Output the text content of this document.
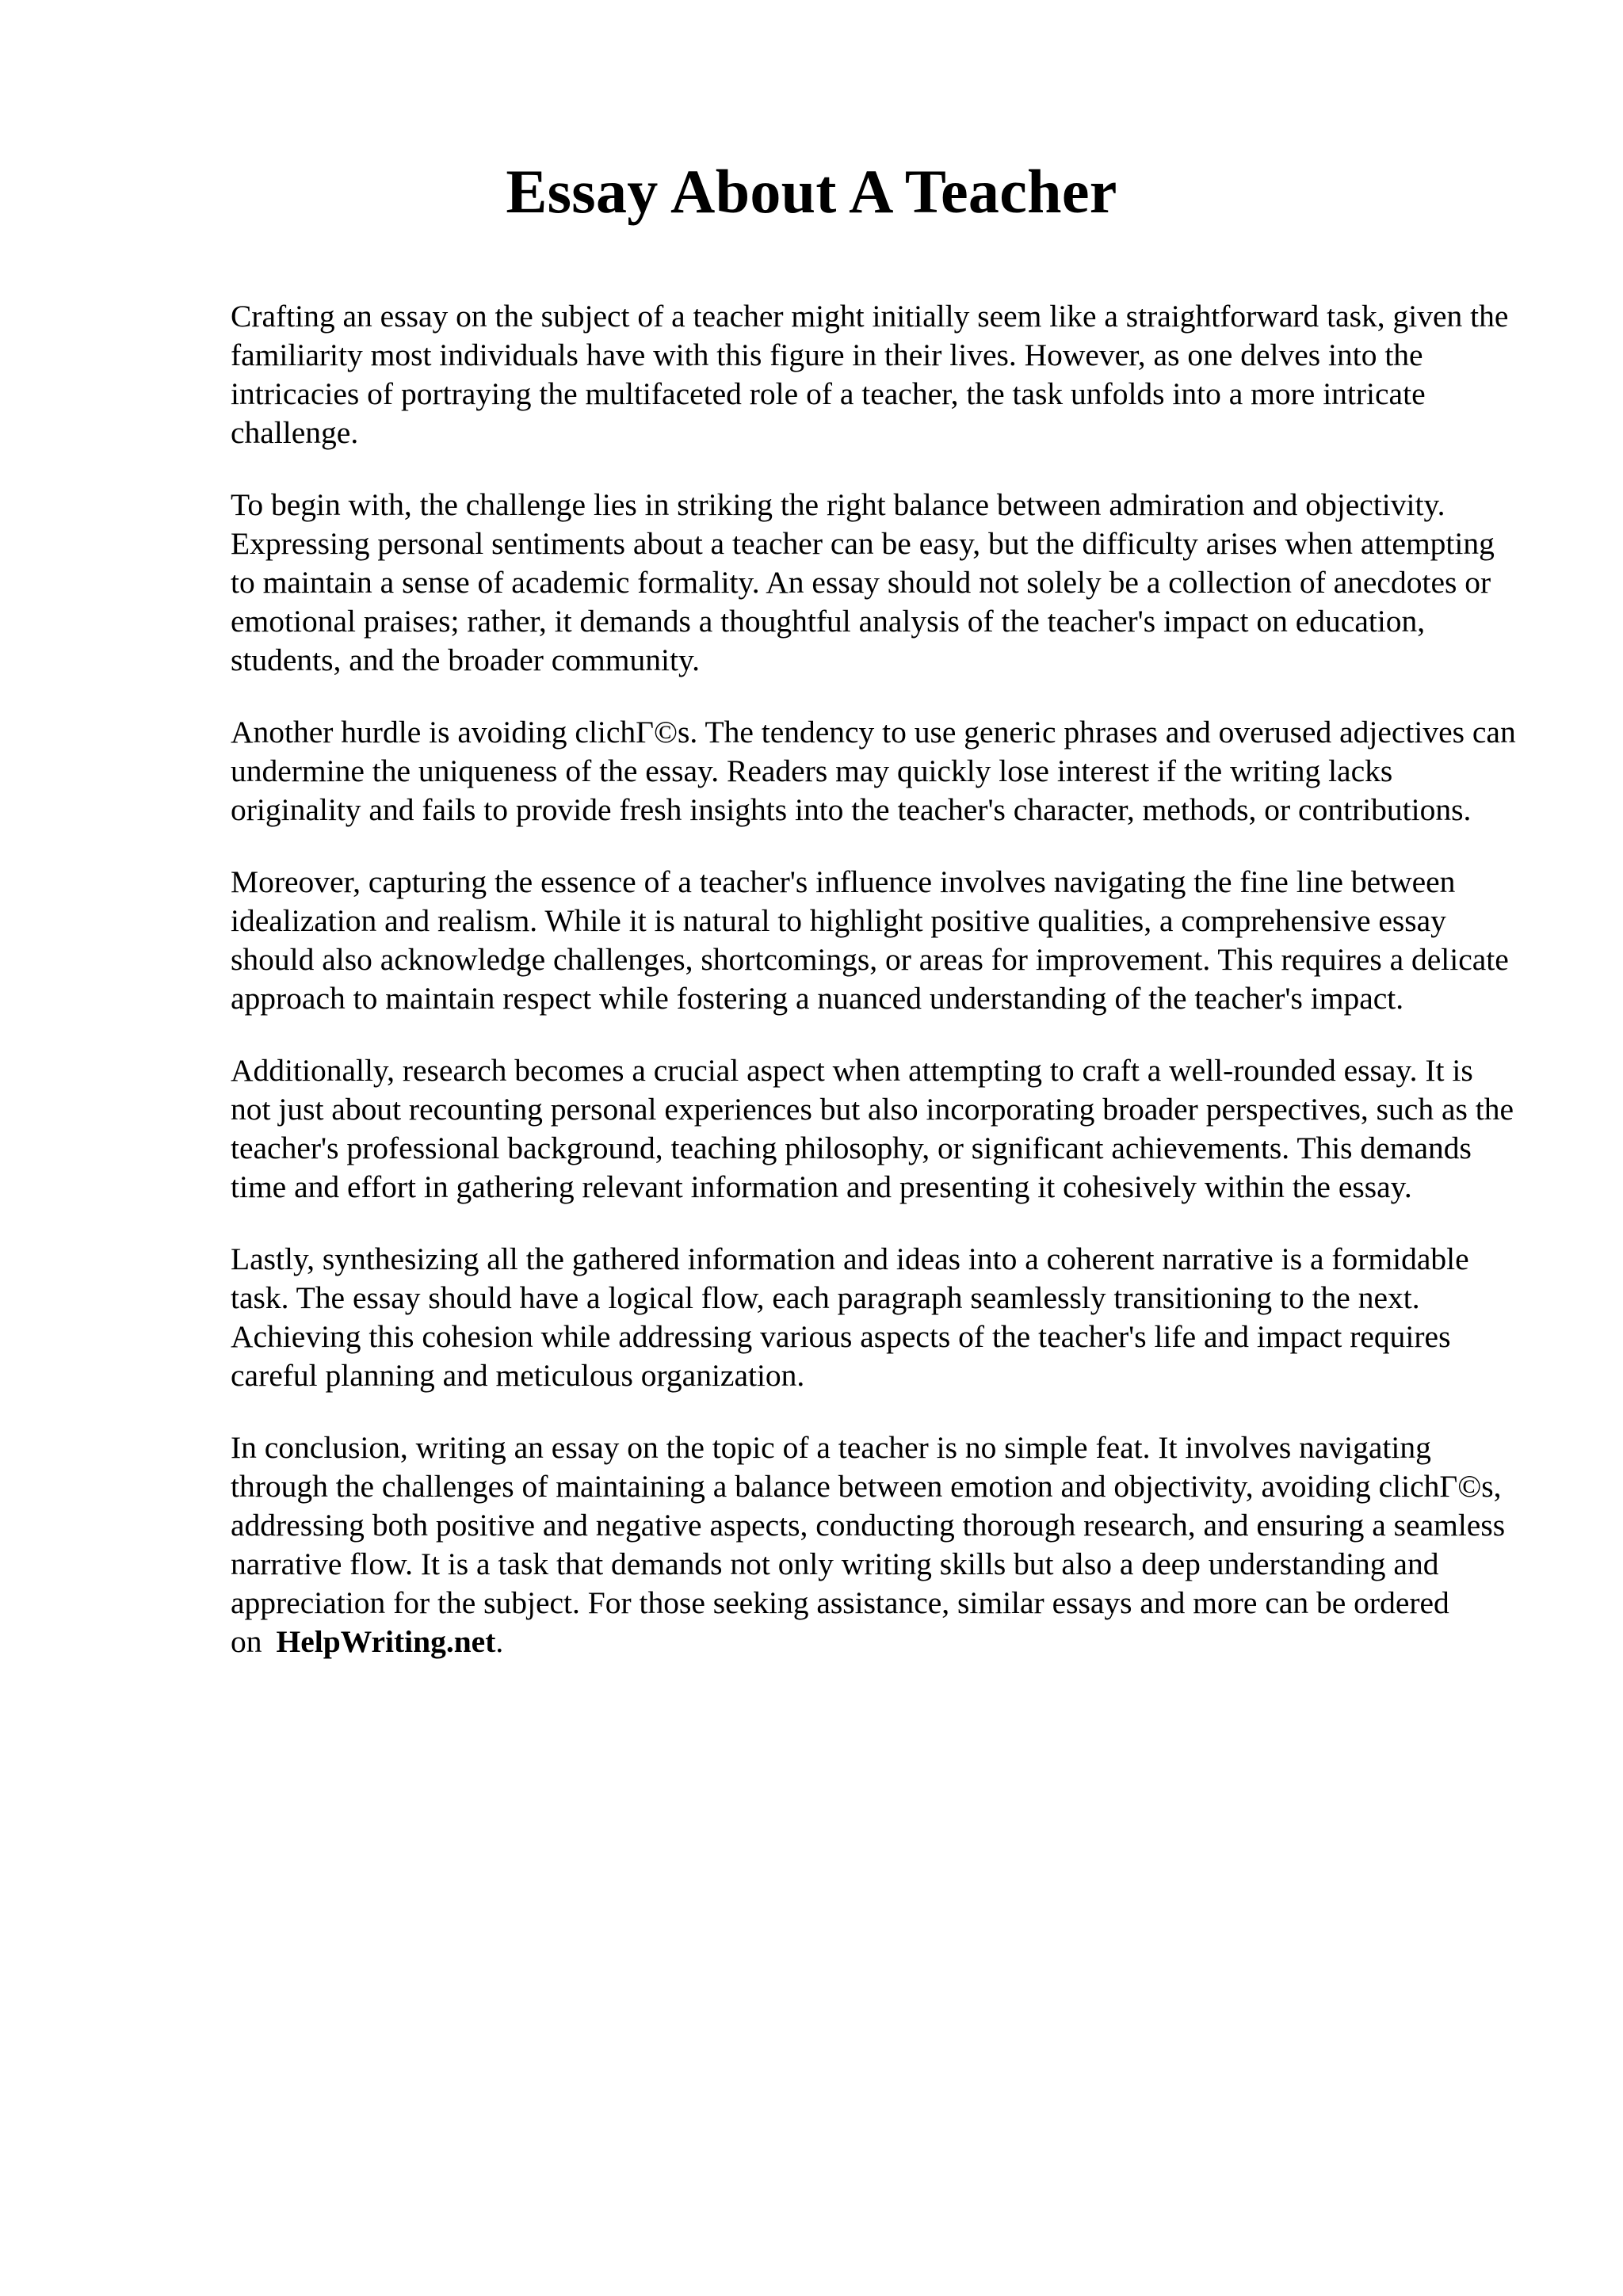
Essay About A Teacher

Crafting an essay on the subject of a teacher might initially seem like a straightforward task, given the familiarity most individuals have with this figure in their lives. However, as one delves into the intricacies of portraying the multifaceted role of a teacher, the task unfolds into a more intricate challenge.

To begin with, the challenge lies in striking the right balance between admiration and objectivity. Expressing personal sentiments about a teacher can be easy, but the difficulty arises when attempting to maintain a sense of academic formality. An essay should not solely be a collection of anecdotes or emotional praises; rather, it demands a thoughtful analysis of the teacher's impact on education, students, and the broader community.

Another hurdle is avoiding clichГ©s. The tendency to use generic phrases and overused adjectives can undermine the uniqueness of the essay. Readers may quickly lose interest if the writing lacks originality and fails to provide fresh insights into the teacher's character, methods, or contributions.

Moreover, capturing the essence of a teacher's influence involves navigating the fine line between idealization and realism. While it is natural to highlight positive qualities, a comprehensive essay should also acknowledge challenges, shortcomings, or areas for improvement. This requires a delicate approach to maintain respect while fostering a nuanced understanding of the teacher's impact.

Additionally, research becomes a crucial aspect when attempting to craft a well-rounded essay. It is not just about recounting personal experiences but also incorporating broader perspectives, such as the teacher's professional background, teaching philosophy, or significant achievements. This demands time and effort in gathering relevant information and presenting it cohesively within the essay.

Lastly, synthesizing all the gathered information and ideas into a coherent narrative is a formidable task. The essay should have a logical flow, each paragraph seamlessly transitioning to the next. Achieving this cohesion while addressing various aspects of the teacher's life and impact requires careful planning and meticulous organization.

In conclusion, writing an essay on the topic of a teacher is no simple feat. It involves navigating through the challenges of maintaining a balance between emotion and objectivity, avoiding clichГ©s, addressing both positive and negative aspects, conducting thorough research, and ensuring a seamless narrative flow. It is a task that demands not only writing skills but also a deep understanding and appreciation for the subject. For those seeking assistance, similar essays and more can be ordered on HelpWriting.net.
